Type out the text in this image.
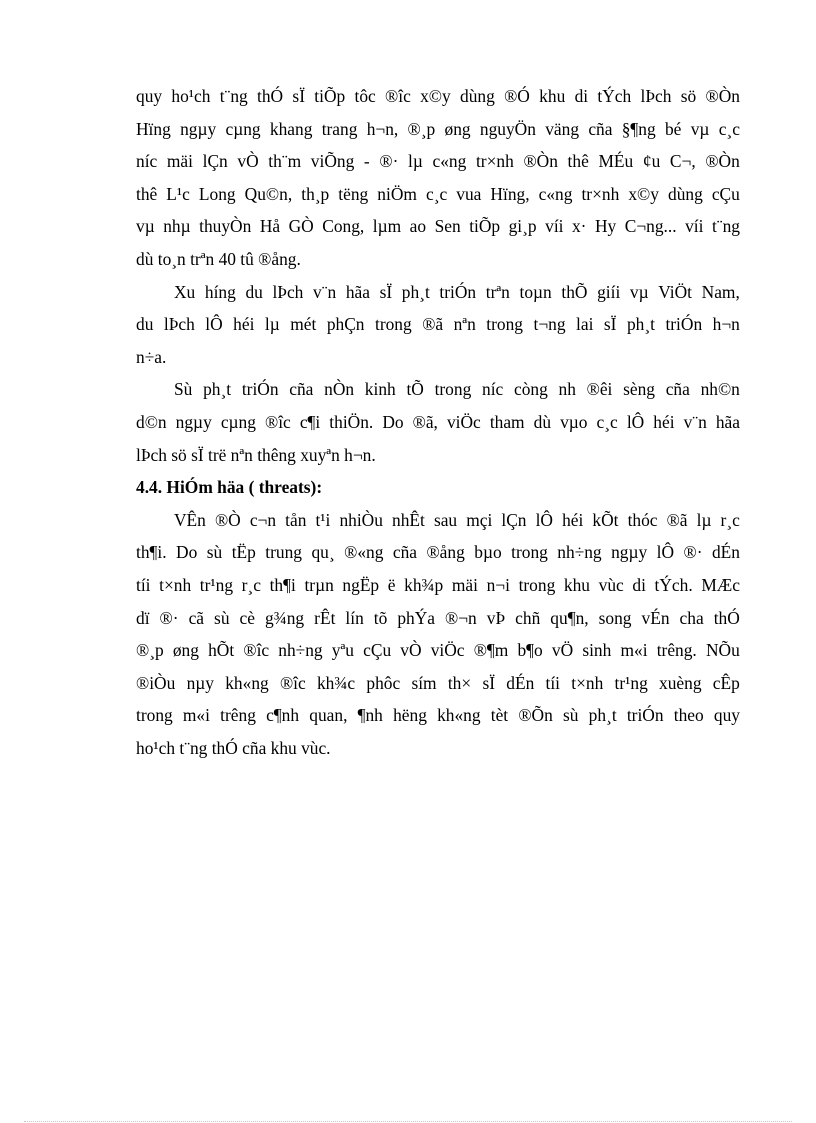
quy ho¹ch t¨ng thÓ sÏ tiÕp tôc ®îc x©y dùng ®Ó khu di tÝch lÞch sö ®Òn
Hïng ngµy cµng khang trang h¬n, ®¸p øng nguyÖn väng cña §¶ng bé vµ c¸c
níc mäi lÇn vÒ th¨m viÕng - ®· lµ c«ng tr×nh ®Òn thê MÉu ¢u C¬, ®Òn
thê L¹c Long Qu©n, th¸p tëng niÖm c¸c vua Hïng, c«ng tr×nh x©y dùng cÇu
vµ nhµ thuyÒn Hå GÒ Cong, lµm ao Sen tiÕp gi¸p víi x· Hy C¬ng... víi t¨ng
dù to¸n trªn 40 tû ®ång.
Xu híng du lÞch v¨n hãa sÏ ph¸t triÓn trªn toµn thÕ giíi vµ ViÖt Nam,
du lÞch lÔ héi lµ mét phÇn trong ®ã nªn trong t¬ng lai sÏ ph¸t triÓn h¬n
n÷a.
Sù ph¸t triÓn cña nÒn kinh tÕ trong níc còng nh ®êi sèng cña nh©n
d©n ngµy cµng ®îc c¶i thiÖn. Do ®ã, viÖc tham dù vµo c¸c lÔ héi v¨n hãa
lÞch sö sÏ trë nªn thêng xuyªn h¬n.
4.4. HiÓm häa ( threats):
VÊn ®Ò c¬n tån t¹i nhiÒu nhÊt sau mçi lÇn lÔ héi kÕt thóc ®ã lµ r¸c
th¶i. Do sù tËp trung qu¸ ®«ng cña ®ång bµo trong nh÷ng ngµy lÔ ®· dÉn
tíi t×nh tr¹ng r¸c th¶i trµn ngËp ë kh¾p mäi n¬i trong khu vùc di tÝch. MÆc
dï ®· cã sù cè g¾ng rÊt lín tõ phÝa ®¬n vÞ chñ qu¶n, song vÉn cha thÓ
®¸p øng hÕt ®îc nh÷ng yªu cÇu vÒ viÖc ®¶m b¶o vÖ sinh m«i trêng. NÕu
®iÒu nµy kh«ng ®îc kh¾c phôc sím th× sÏ dÉn tíi t×nh tr¹ng xuèng cÊp
trong m«i trêng c¶nh quan, ¶nh hëng kh«ng tèt ®Õn sù ph¸t triÓn theo quy
ho¹ch t¨ng thÓ cña khu vùc.
